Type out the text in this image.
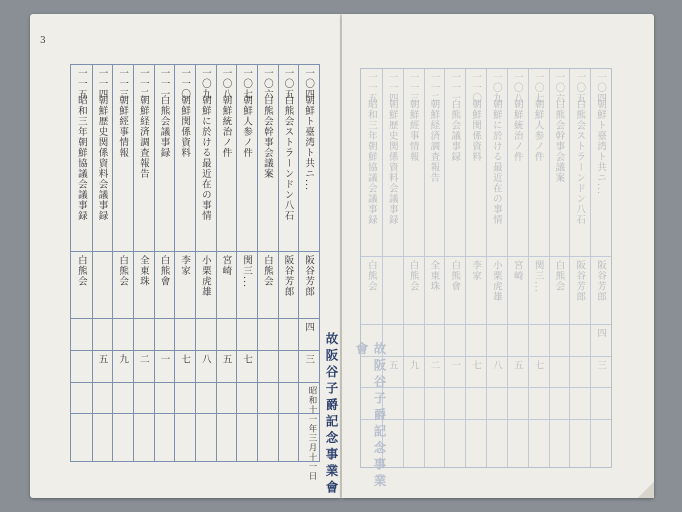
3
一〇四
朝鮮ト臺湾ト共ニ...
阪谷芳郎
四
三
一〇五
白熊会ストラーンドン八石
阪谷芳郎
一〇六
白熊会幹事会議案
白熊会
一〇七
朝鮮人参ノ件
関三...
七
一〇八
朝鮮統治ノ件
宮崎
五
一〇九
朝鮮に於ける最近在の事情
小栗虎雄
八
一一〇
朝鮮関係資料
李家
七
一一一
白熊会議事録
白熊會
一
一一二
朝鮮経済調査報告
全東珠
二
一一三
朝鮮經事情報
白熊会
九
一一四
朝鮮歴史関係資料会議事録
五
一一五
昭和三年朝鮮協議会議事録
白熊会
故阪谷子爵記念事業會
昭和十一年三月十一日
一〇四
朝鮮ト臺湾ト共ニ...
阪谷芳郎
四
三
一〇五
白熊会ストラーンドン八石
阪谷芳郎
一〇六
白熊会幹事会議案
白熊会
一〇七
朝鮮人参ノ件
関三...
七
一〇八
朝鮮統治ノ件
宮崎
五
一〇九
朝鮮に於ける最近在の事情
小栗虎雄
八
一一〇
朝鮮関係資料
李家
七
一一一
白熊会議事録
白熊會
一
一一二
朝鮮経済調査報告
全東珠
二
一一三
朝鮮經事情報
白熊会
九
一一四
朝鮮歴史関係資料会議事録
五
一一五
昭和三年朝鮮協議会議事録
白熊会
故阪谷子爵記念事業會
